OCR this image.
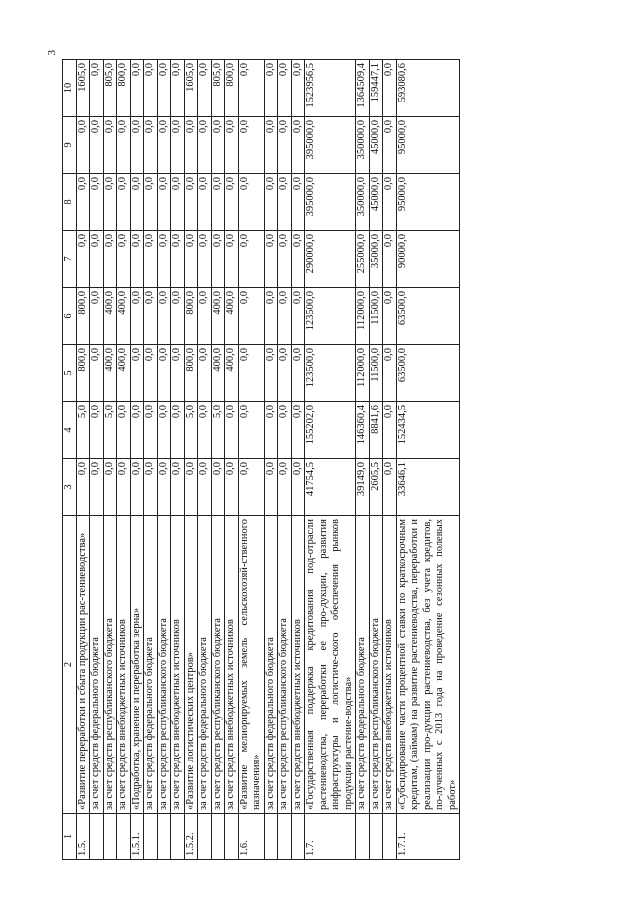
3
1	2	3	4	5	6	7	8	9	10
1.5.	«Развитие переработки и сбыта продукции рас-тениеводства»	0,0	5,0	800,0	800,0	0,0	0,0	0,0	1605,0
	за счет средств федерального бюджета	0,0	0,0	0,0	0,0	0,0	0,0	0,0	0,0
	за счет средств республиканского бюджета	0,0	5,0	400,0	400,0	0,0	0,0	0,0	805,0
	за счет средств внебюджетных источников	0,0	0,0	400,0	400,0	0,0	0,0	0,0	800,0
1.5.1.	«Подработка, хранение и переработка зерна»	0,0	0,0	0,0	0,0	0,0	0,0	0,0	0,0
	за счет средств федерального бюджета	0,0	0,0	0,0	0,0	0,0	0,0	0,0	0,0
	за счет средств республиканского бюджета	0,0	0,0	0,0	0,0	0,0	0,0	0,0	0,0
	за счет средств внебюджетных источников	0,0	0,0	0,0	0,0	0,0	0,0	0,0	0,0
1.5.2.	«Развитие логистических центров»	0,0	5,0	800,0	800,0	0,0	0,0	0,0	1605,0
	за счет средств федерального бюджета	0,0	0,0	0,0	0,0	0,0	0,0	0,0	0,0
	за счет средств республиканского бюджета	0,0	5,0	400,0	400,0	0,0	0,0	0,0	805,0
	за счет средств внебюджетных источников	0,0	0,0	400,0	400,0	0,0	0,0	0,0	800,0
1.6.	«Развитие мелиорируемых земель сельскохозяй-ственного назначения»	0,0	0,0	0,0	0,0	0,0	0,0	0,0	0,0
	за счет средств федерального бюджета	0,0	0,0	0,0	0,0	0,0	0,0	0,0	0,0
	за счет средств республиканского бюджета	0,0	0,0	0,0	0,0	0,0	0,0	0,0	0,0
	за счет средств внебюджетных источников	0,0	0,0	0,0	0,0	0,0	0,0	0,0	0,0
1.7.	«Государственная поддержка кредитования под-отрасли растениеводства, переработки ее про-дукции, развития инфраструктуры и логистиче-ского обеспечения рынков продукции растение-водства»	41754,5	155202,0	123500,0	123500,0	290000,0	395000,0	395000,0	1523956,5
	за счет средств федерального бюджета	39149,0	146360,4	112000,0	112000,0	255000,0	350000,0	350000,0	1364509,4
	за счет средств республиканского бюджета	2605,5	8841,6	11500,0	11500,0	35000,0	45000,0	45000,0	159447,1
	за счет средств внебюджетных источников	0,0	0,0	0,0	0,0	0,0	0,0	0,0	0,0
1.7.1.	«Субсидирование части процентной ставки по краткосрочным кредитам, (займам) на развитие растениеводства, переработки и реализации про-дукции растениеводства, без учета кредитов, по-лученных с 2013 года на проведение сезонных полевых работ»	33646,1	152434,5	63500,0	63500,0	90000,0	95000,0	95000,0	593080,6
